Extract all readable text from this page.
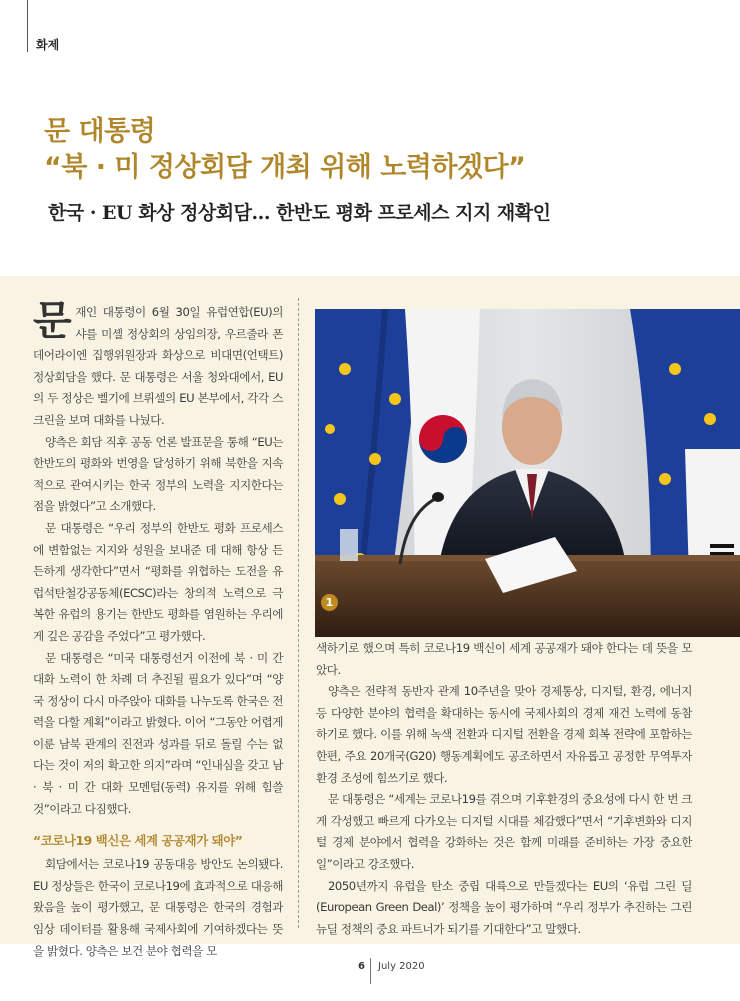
화제
문 대통령
“북 · 미 정상회담 개최 위해 노력하겠다”
한국 · EU 화상 정상회담… 한반도 평화 프로세스 지지 재확인

문재인 대통령이 6월 30일 유럽연합(EU)의 샤를 미셸 정상회의 상임의장, 우르줄라 폰 데어라이엔 집행위원장과 화상으로 비대면(언택트) 정상회담을 했다. 문 대통령은 서울 청와대에서, EU의 두 정상은 벨기에 브뤼셀의 EU 본부에서, 각각 스크린을 보며 대화를 나눴다.

양측은 회담 직후 공동 언론 발표문을 통해 “EU는 한반도의 평화와 번영을 달성하기 위해 북한을 지속적으로 관여시키는 한국 정부의 노력을 지지한다는 점을 밝혔다”고 소개했다.

문 대통령은 “우리 정부의 한반도 평화 프로세스에 변함없는 지지와 성원을 보내준 데 대해 항상 든든하게 생각한다”면서 “평화를 위협하는 도전을 유럽석탄철강공동체(ECSC)라는 창의적 노력으로 극복한 유럽의 용기는 한반도 평화를 염원하는 우리에게 깊은 공감을 주었다”고 평가했다.

문 대통령은 “미국 대통령선거 이전에 북 · 미 간 대화 노력이 한 차례 더 추진될 필요가 있다”며 “양국 정상이 다시 마주앉아 대화를 나누도록 한국은 전력을 다할 계획”이라고 밝혔다. 이어 “그동안 어렵게 이룬 남북 관계의 진전과 성과를 뒤로 돌릴 수는 없다는 것이 저의 확고한 의지”라며 “인내심을 갖고 남 · 북 · 미 간 대화 모멘텀(동력) 유지를 위해 힘쓸 것”이라고 다짐했다.

“코로나19 백신은 세계 공공재가 돼야”

회담에서는 코로나19 공동대응 방안도 논의됐다. EU 정상들은 한국이 코로나19에 효과적으로 대응해 왔음을 높이 평가했고, 문 대통령은 한국의 경험과 임상 데이터를 활용해 국제사회에 기여하겠다는 뜻을 밝혔다. 양측은 보건 분야 협력을 모

1

색하기로 했으며 특히 코로나19 백신이 세계 공공재가 돼야 한다는 데 뜻을 모았다.

양측은 전략적 동반자 관계 10주년을 맞아 경제통상, 디지털, 환경, 에너지 등 다양한 분야의 협력을 확대하는 동시에 국제사회의 경제 재건 노력에 동참하기로 했다. 이를 위해 녹색 전환과 디지털 전환을 경제 회복 전략에 포함하는 한편, 주요 20개국(G20) 행동계획에도 공조하면서 자유롭고 공정한 무역투자 환경 조성에 힘쓰기로 했다.

문 대통령은 “세계는 코로나19를 겪으며 기후환경의 중요성에 다시 한 번 크게 각성했고 빠르게 다가오는 디지털 시대를 체감했다”면서 “기후변화와 디지털 경제 분야에서 협력을 강화하는 것은 함께 미래를 준비하는 가장 중요한 일”이라고 강조했다.

2050년까지 유럽을 탄소 중립 대륙으로 만들겠다는 EU의 ‘유럽 그린 딜(European Green Deal)’ 정책을 높이 평가하며 “우리 정부가 추진하는 그린 뉴딜 정책의 중요 파트너가 되기를 기대한다”고 말했다.

6 July 2020
